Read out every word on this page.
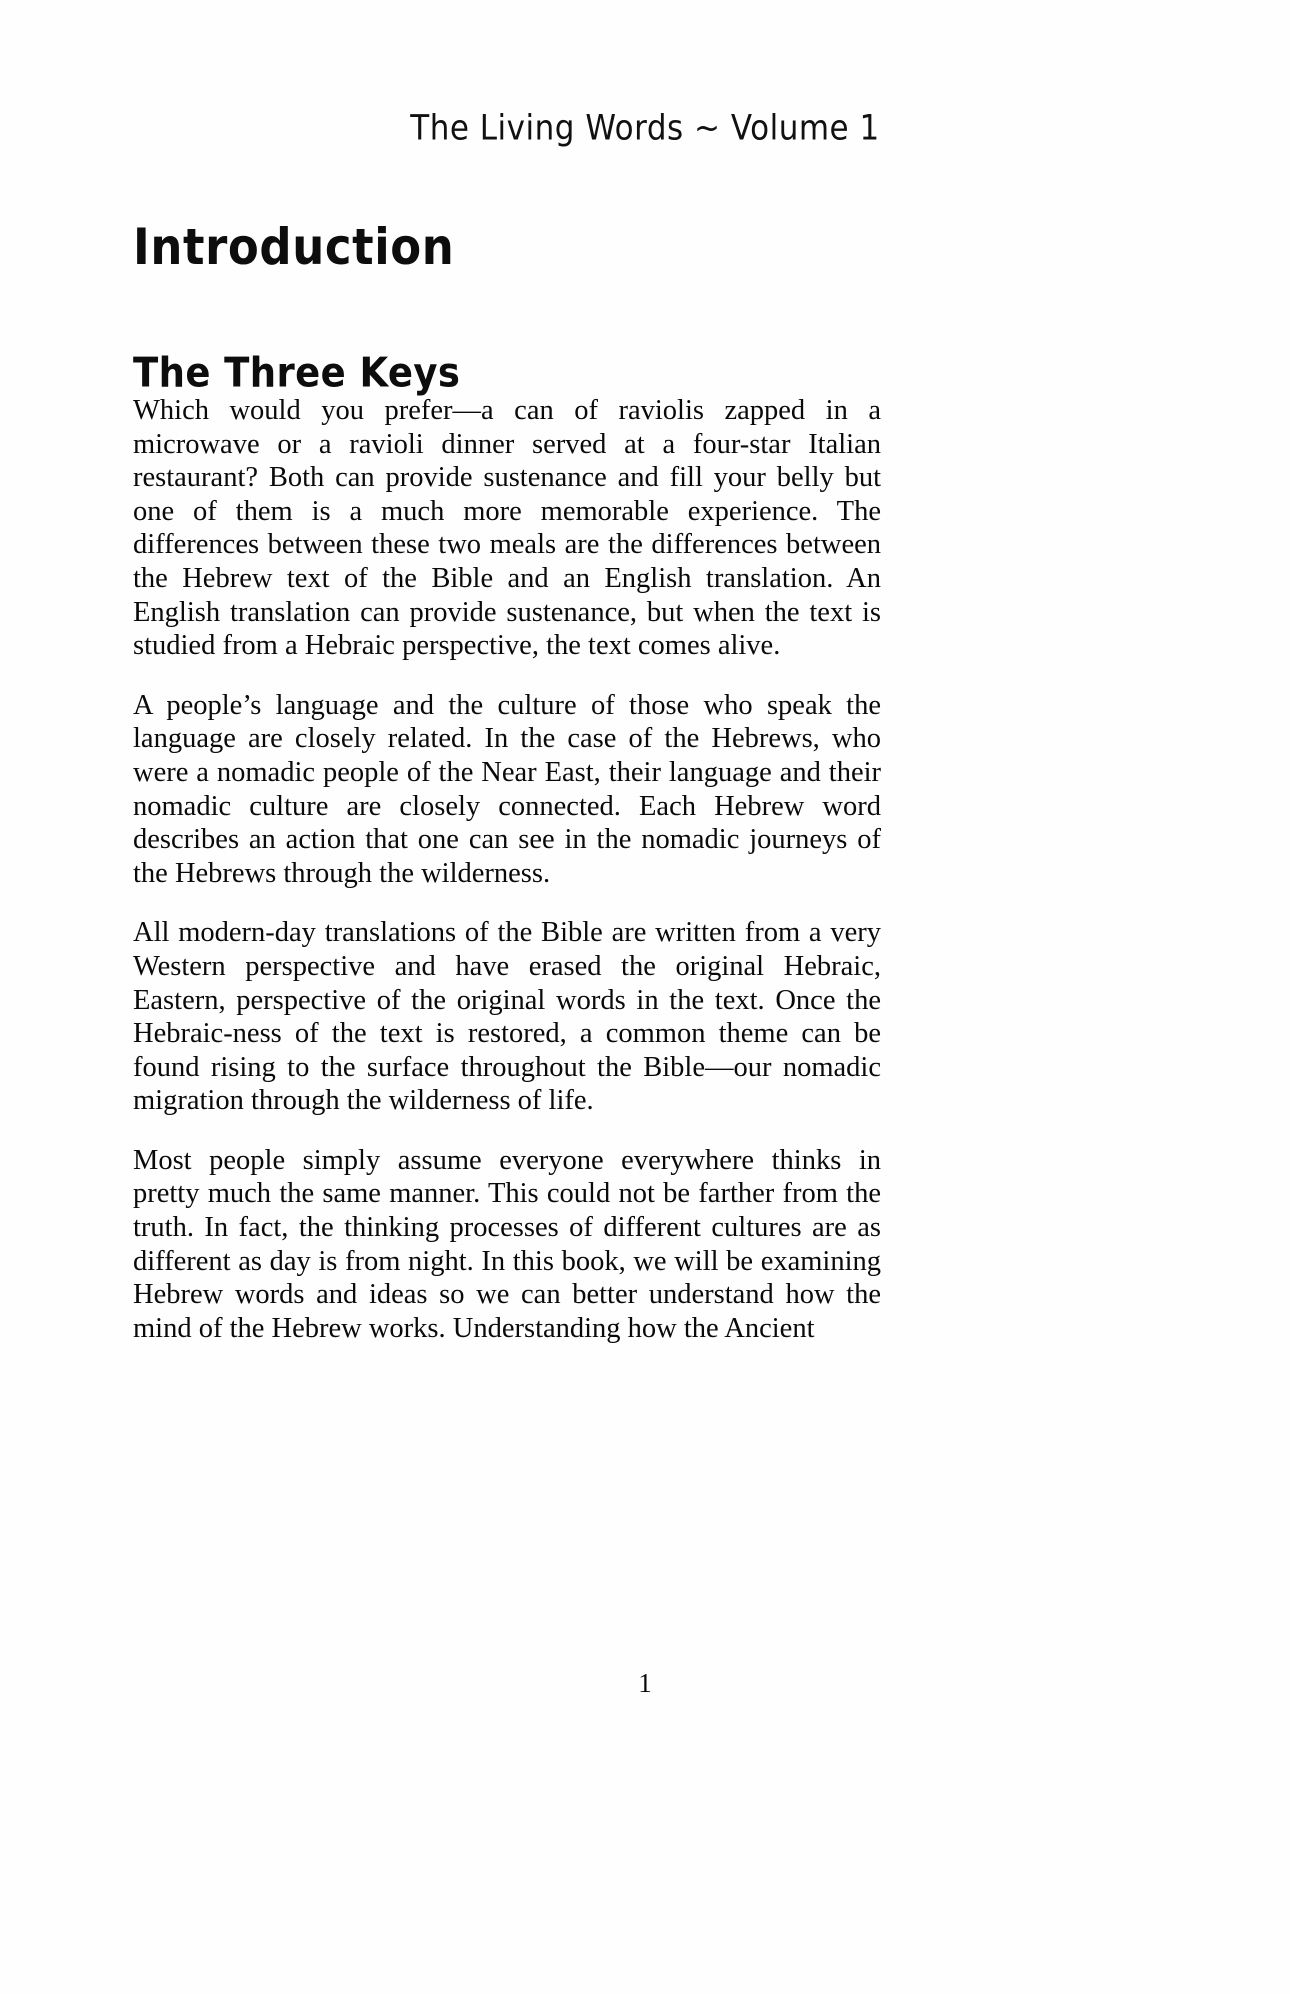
The Living Words ~ Volume 1
Introduction
The Three Keys

Which would you prefer—a can of raviolis zapped in a microwave or a ravioli dinner served at a four-star Italian restaurant? Both can provide sustenance and fill your belly but one of them is a much more memorable experience. The differences between these two meals are the differences between the Hebrew text of the Bible and an English translation. An English translation can provide sustenance, but when the text is studied from a Hebraic perspective, the text comes alive.

A people’s language and the culture of those who speak the language are closely related. In the case of the Hebrews, who were a nomadic people of the Near East, their language and their nomadic culture are closely connected. Each Hebrew word describes an action that one can see in the nomadic journeys of the Hebrews through the wilderness.

All modern-day translations of the Bible are written from a very Western perspective and have erased the original Hebraic, Eastern, perspective of the original words in the text. Once the Hebraic-ness of the text is restored, a common theme can be found rising to the surface throughout the Bible—our nomadic migration through the wilderness of life.

Most people simply assume everyone everywhere thinks in pretty much the same manner. This could not be farther from the truth. In fact, the thinking processes of different cultures are as different as day is from night. In this book, we will be examining Hebrew words and ideas so we can better understand how the mind of the Hebrew works. Understanding how the Ancient

1
